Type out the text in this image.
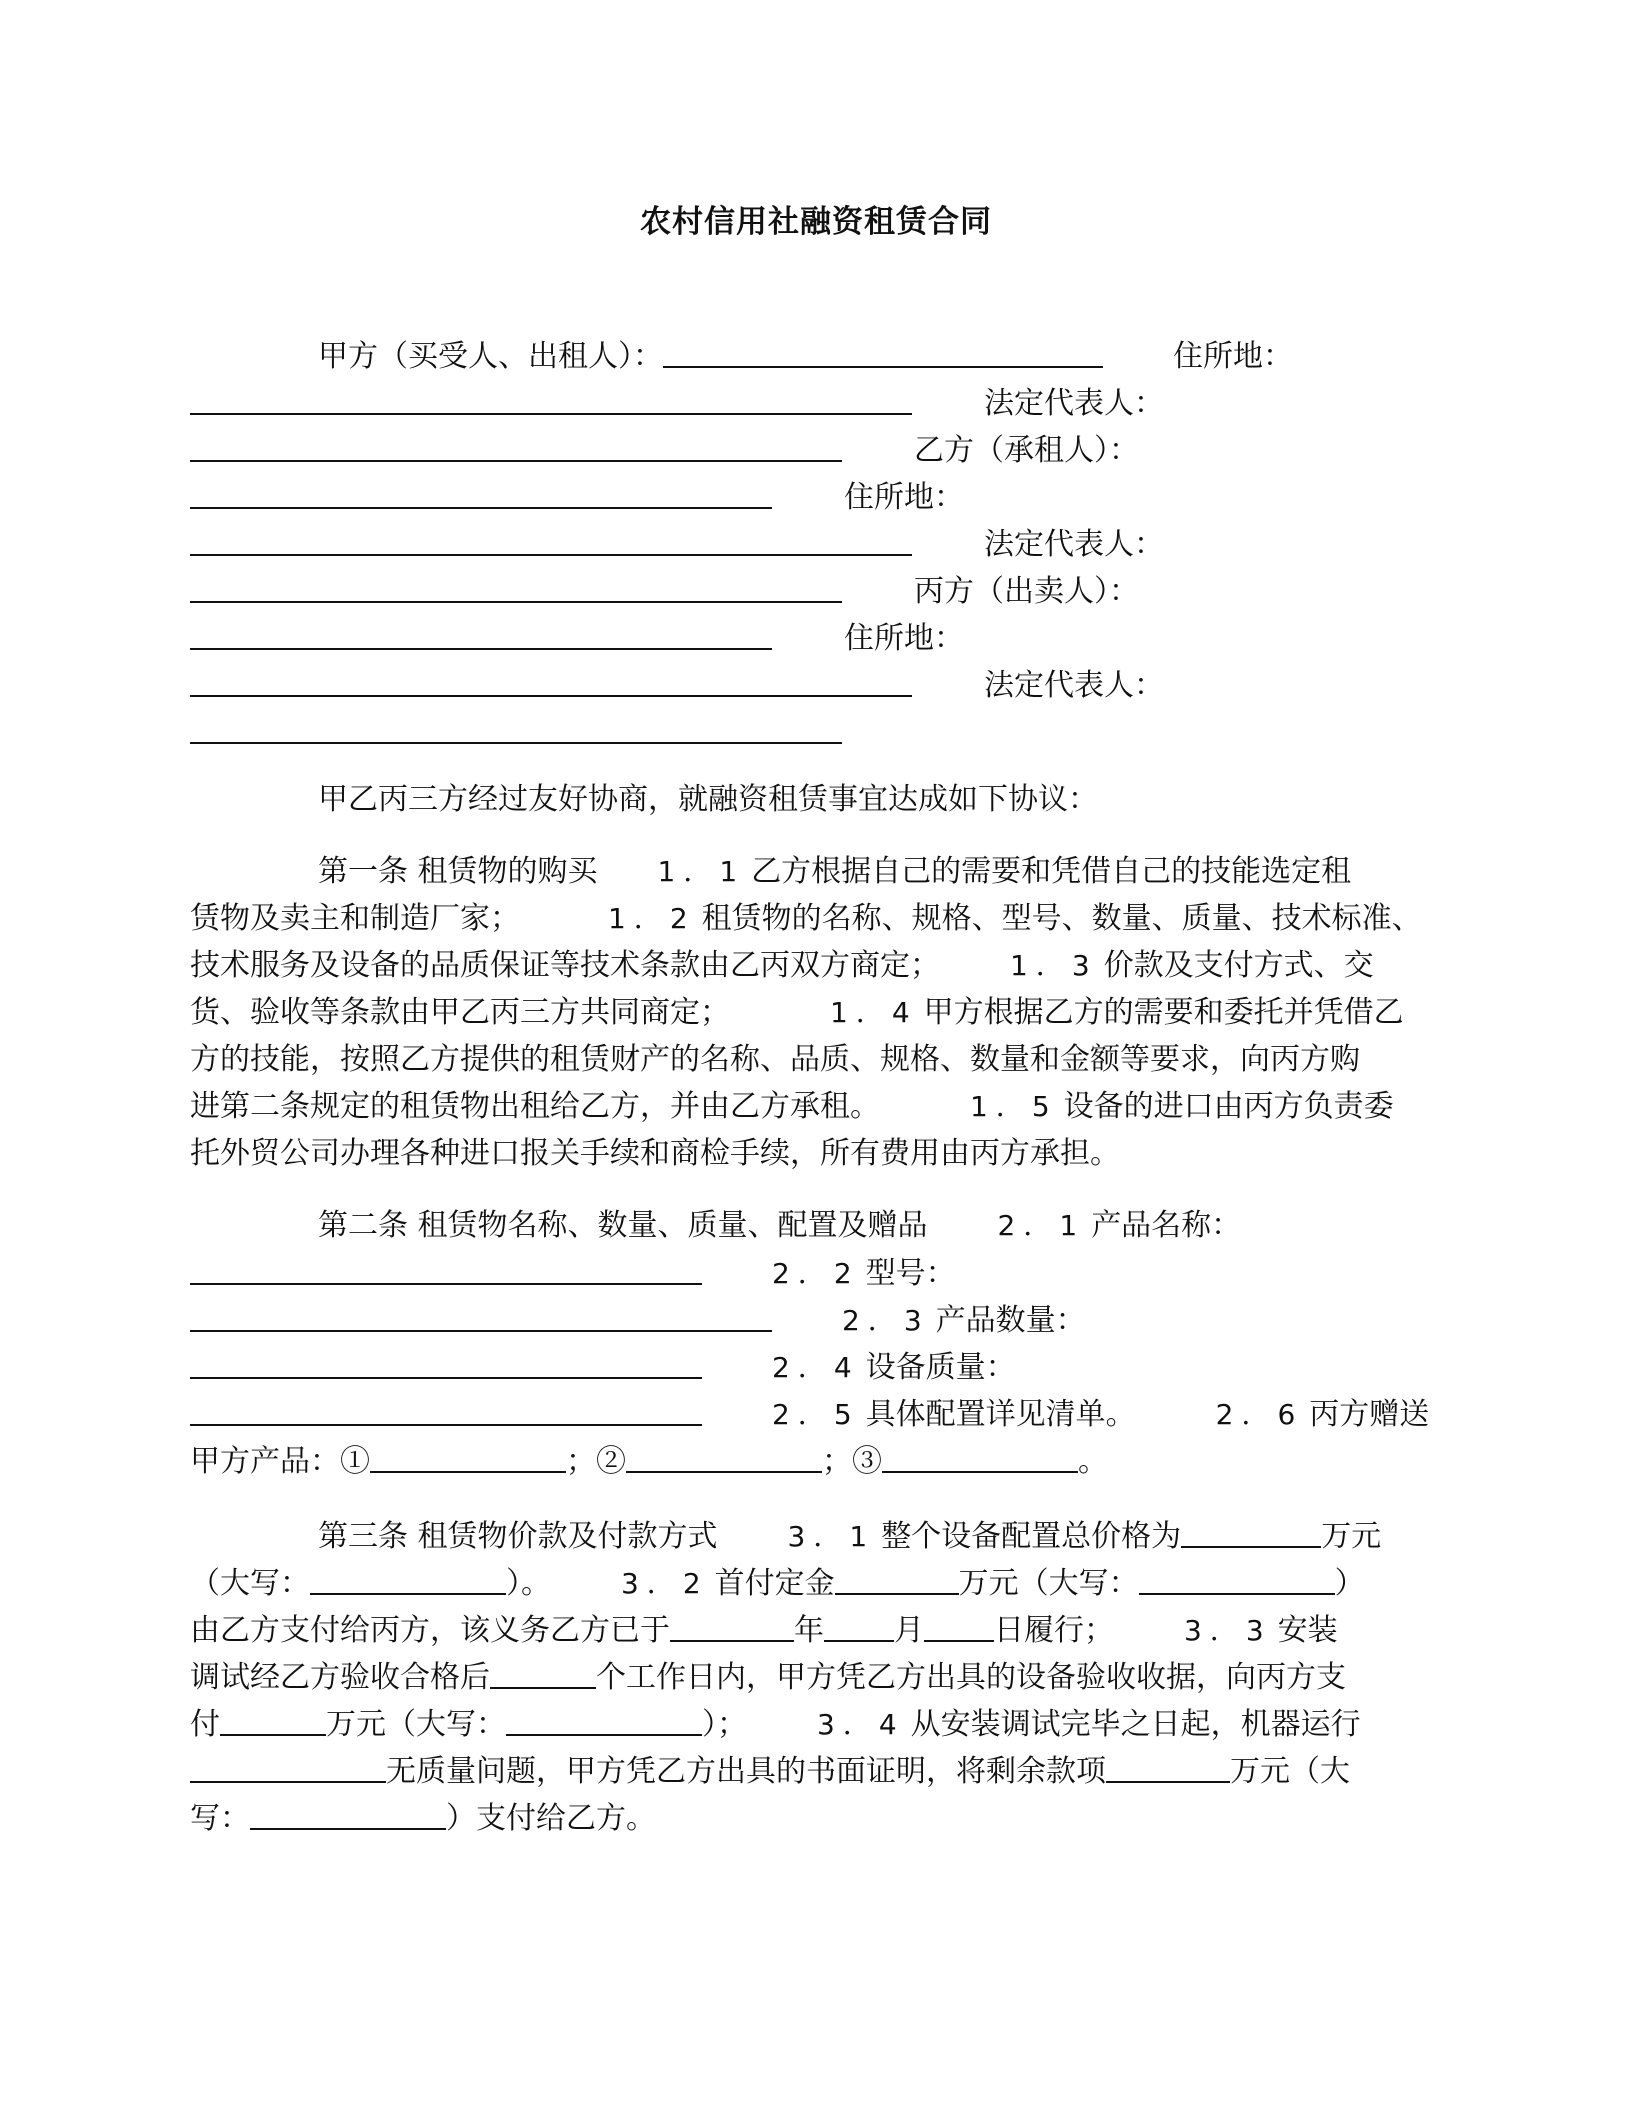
农村信用社融资租赁合同
甲方（买受人、出租人）：	住所地：
法定代表人：
乙方（承租人）：
住所地：
法定代表人：
丙方（出卖人）：
住所地：
法定代表人：
甲乙丙三方经过友好协商，就融资租赁事宜达成如下协议：
第一条 租赁物的购买 1．1 乙方根据自己的需要和凭借自己的技能选定租
赁物及卖主和制造厂家；	1．2 租赁物的名称、规格、型号、数量、质量、技术标准、
技术服务及设备的品质保证等技术条款由乙丙双方商定；	1．3 价款及支付方式、交
货、验收等条款由甲乙丙三方共同商定；	1．4 甲方根据乙方的需要和委托并凭借乙
方的技能，按照乙方提供的租赁财产的名称、品质、规格、数量和金额等要求，向丙方购
进第二条规定的租赁物出租给乙方，并由乙方承租。	1．5 设备的进口由丙方负责委
托外贸公司办理各种进口报关手续和商检手续，所有费用由丙方承担。
第二条 租赁物名称、数量、质量、配置及赠品	2．1 产品名称：
2．2 型号：
2．3 产品数量：
2．4 设备质量：
2．5 具体配置详见清单。	2．6 丙方赠送
甲方产品：①	；②	；③	。
第三条 租赁物价款及付款方式	3．1 整个设备配置总价格为	万元
（大写：	）。	3．2 首付定金	万元（大写：	）
由乙方支付给丙方，该义务乙方已于	年 月 日履行；	3．3 安装
调试经乙方验收合格后	个工作日内，甲方凭乙方出具的设备验收收据，向丙方支
付	万元（大写：	）；	3．4 从安装调试完毕之日起，机器运行
无质量问题，甲方凭乙方出具的书面证明，将剩余款项	万元（大
写：	）支付给乙方。
